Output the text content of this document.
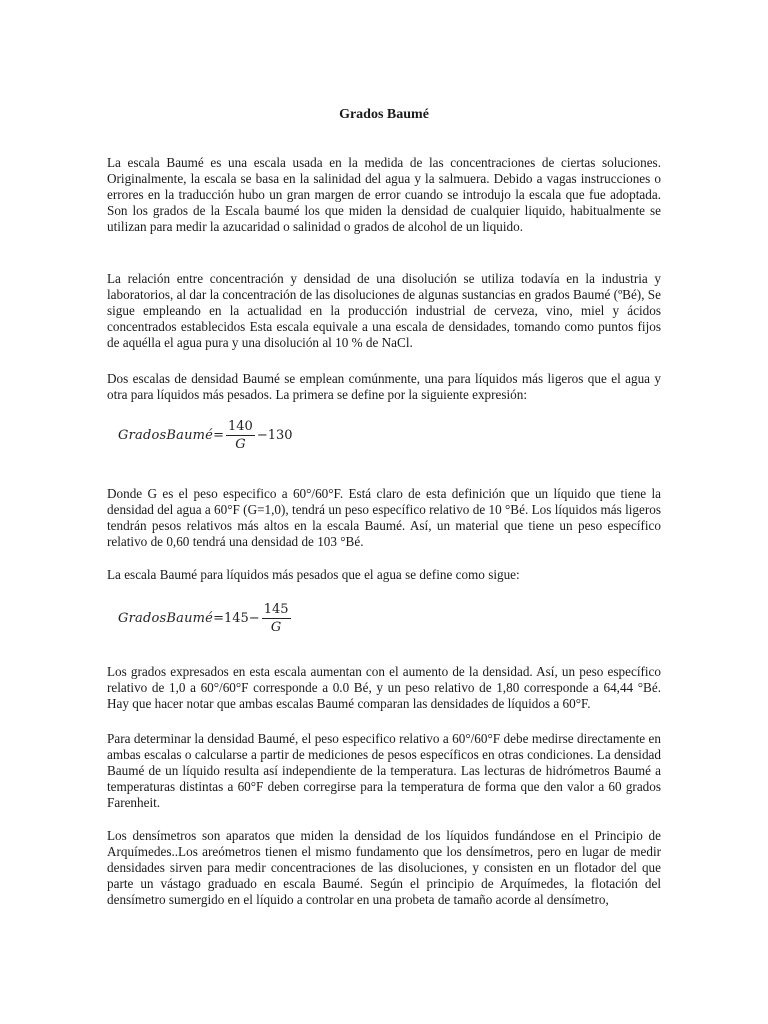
Grados Baumé

La escala Baumé es una escala usada en la medida de las concentraciones de ciertas soluciones. Originalmente, la escala se basa en la salinidad del agua y la salmuera. Debido a vagas instrucciones o errores en la traducción hubo un gran margen de error cuando se introdujo la escala que fue adoptada. Son los grados de la Escala baumé los que miden la densidad de cualquier liquido, habitualmente se utilizan para medir la azucaridad o salinidad o grados de alcohol de un liquido.

La relación entre concentración y densidad de una disolución se utiliza todavía en la industria y laboratorios, al dar la concentración de las disoluciones de algunas sustancias en grados Baumé (ºBé), Se sigue empleando en la actualidad en la producción industrial de cerveza, vino, miel y ácidos concentrados establecidos Esta escala equivale a una escala de densidades, tomando como puntos fijos de aquélla el agua pura y una disolución al 10 % de NaCl.

Dos escalas de densidad Baumé se emplean comúnmente, una para líquidos más ligeros que el agua y otra para líquidos más pesados. La primera se define por la siguiente expresión:

GradosBaumé = $\frac{140}{G} -130$

Donde G es el peso especifico a 60°/60°F. Está claro de esta definición que un líquido que tiene la densidad del agua a 60°F (G=1,0), tendrá un peso específico relativo de 10 °Bé. Los líquidos más ligeros tendrán pesos relativos más altos en la escala Baumé. Así, un material que tiene un peso específico relativo de 0,60 tendrá una densidad de 103 °Bé.

La escala Baumé para líquidos más pesados que el agua se define como sigue:

GradosBaumé = $145- \frac{145}{G}$

Los grados expresados en esta escala aumentan con el aumento de la densidad. Así, un peso específico relativo de 1,0 a 60°/60°F corresponde a 0.0 Bé, y un peso relativo de 1,80 corresponde a 64,44 °Bé. Hay que hacer notar que ambas escalas Baumé comparan las densidades de líquidos a 60°F.

Para determinar la densidad Baumé, el peso especifico relativo a 60°/60°F debe medirse directamente en ambas escalas o calcularse a partir de mediciones de pesos específicos en otras condiciones. La densidad Baumé de un líquido resulta así independiente de la temperatura. Las lecturas de hidrómetros Baumé a temperaturas distintas a 60°F deben corregirse para la temperatura de forma que den valor a 60 grados Farenheit.

Los densímetros son aparatos que miden la densidad de los líquidos fundándose en el Principio de Arquímedes..Los areómetros tienen el mismo fundamento que los densímetros, pero en lugar de medir densidades sirven para medir concentraciones de las disoluciones, y consisten en un flotador del que parte un vástago graduado en escala Baumé. Según el principio de Arquímedes, la flotación del densímetro sumergido en el líquido a controlar en una probeta de tamaño acorde al densímetro,
